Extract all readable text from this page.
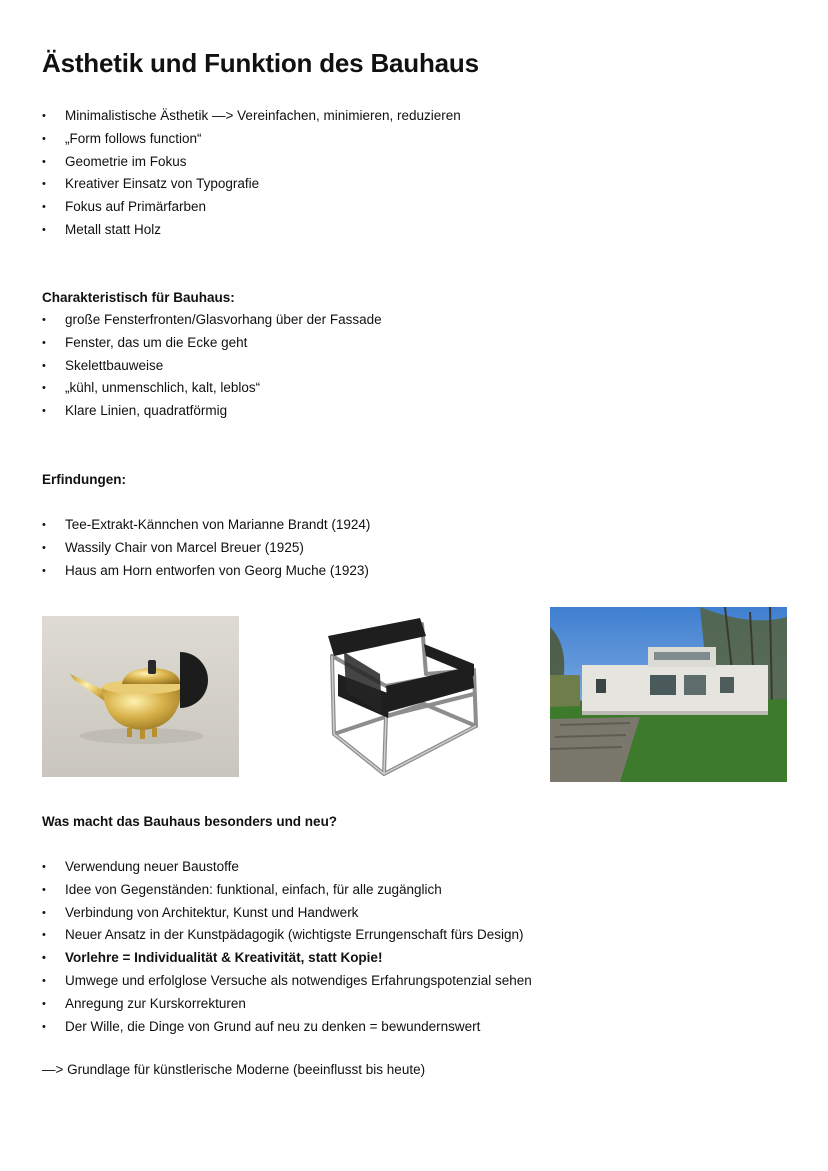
Ästhetik und Funktion des Bauhaus
• Minimalistische Ästhetik —> Vereinfachen, minimieren, reduzieren
• „Form follows function“
• Geometrie im Fokus
• Kreativer Einsatz von Typografie
• Fokus auf Primärfarben
• Metall statt Holz
Charakteristisch für Bauhaus:
• große Fensterfronten/Glasvorhang über der Fassade
• Fenster, das um die Ecke geht
• Skelettbauweise
• „kühl, unmenschlich, kalt, leblos“
• Klare Linien, quadratförmig
Erfindungen:
• Tee-Extrakt-Kännchen von Marianne Brandt (1924)
• Wassily Chair von Marcel Breuer (1925)
• Haus am Horn entworfen von Georg Muche (1923)
Was macht das Bauhaus besonders und neu?
• Verwendung neuer Baustoffe
• Idee von Gegenständen: funktional, einfach, für alle zugänglich
• Verbindung von Architektur, Kunst und Handwerk
• Neuer Ansatz in der Kunstpädagogik (wichtigste Errungenschaft fürs Design)
• Vorlehre = Individualität & Kreativität, statt Kopie!
• Umwege und erfolglose Versuche als notwendiges Erfahrungspotenzial sehen
• Anregung zur Kurskorrekturen
• Der Wille, die Dinge von Grund auf neu zu denken = bewundernswert
—> Grundlage für künstlerische Moderne (beeinflusst bis heute)
